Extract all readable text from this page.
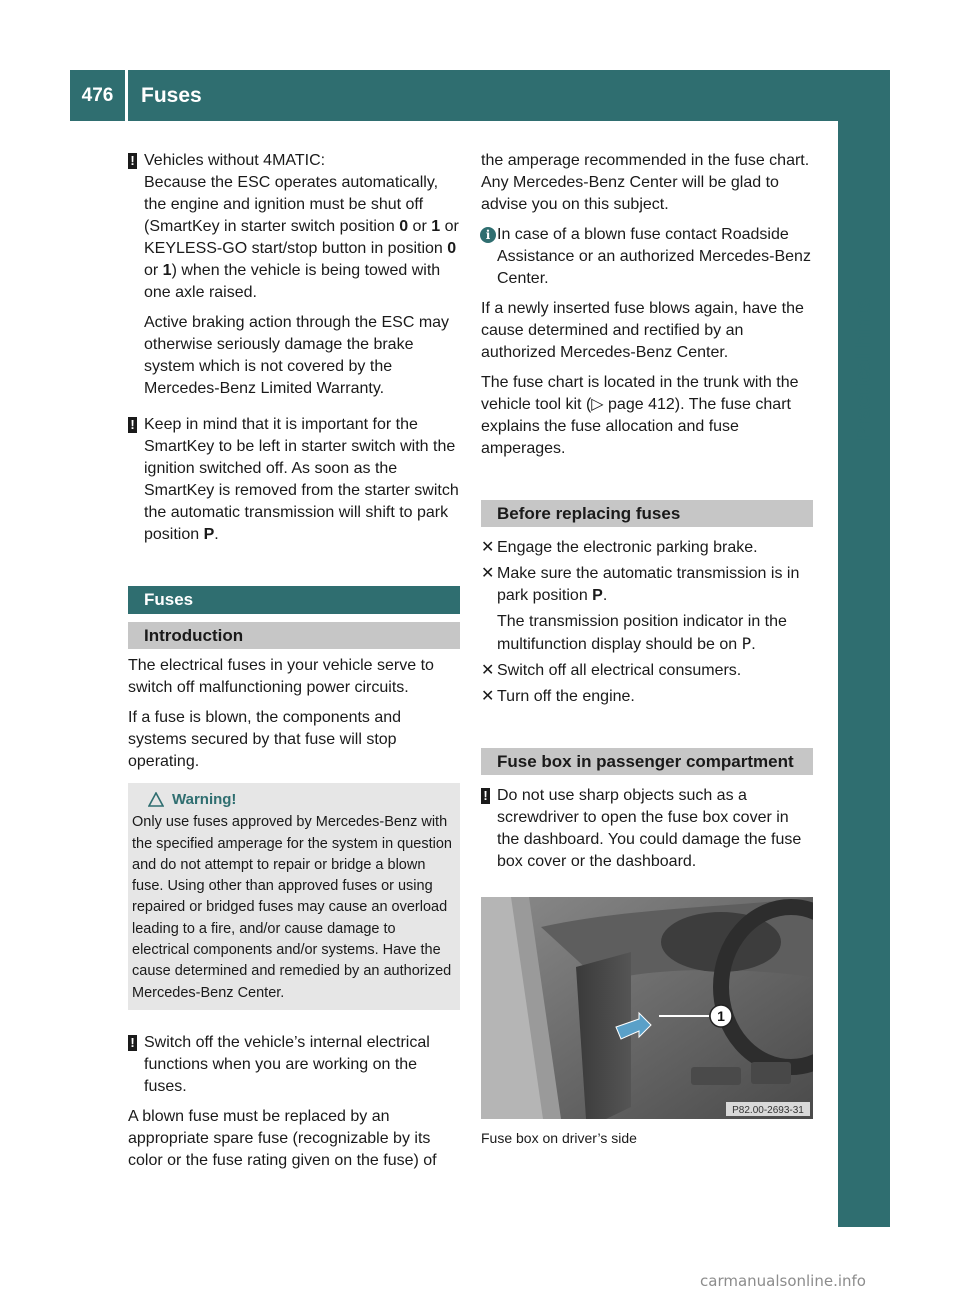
476	Fuses
Practical hints
! Vehicles without 4MATIC:

Because the ESC operates automatically, the engine and ignition must be shut off (SmartKey in starter switch position 0 or 1 or KEYLESS-GO start/stop button in position 0 or 1) when the vehicle is being towed with one axle raised.

Active braking action through the ESC may otherwise seriously damage the brake system which is not covered by the Mercedes-Benz Limited Warranty.

! Keep in mind that it is important for the SmartKey to be left in starter switch with the ignition switched off. As soon as the SmartKey is removed from the starter switch the automatic transmission will shift to park position P.

Fuses
Introduction

The electrical fuses in your vehicle serve to switch off malfunctioning power circuits.

If a fuse is blown, the components and systems secured by that fuse will stop operating.

Warning!
Only use fuses approved by Mercedes-Benz with the specified amperage for the system in question and do not attempt to repair or bridge a blown fuse. Using other than approved fuses or using repaired or bridged fuses may cause an overload leading to a fire, and/or cause damage to electrical components and/or systems. Have the cause determined and remedied by an authorized Mercedes-Benz Center.
! Switch off the vehicle’s internal electrical functions when you are working on the fuses.

A blown fuse must be replaced by an appropriate spare fuse (recognizable by its color or the fuse rating given on the fuse) of

the amperage recommended in the fuse chart. Any Mercedes-Benz Center will be glad to advise you on this subject.

i In case of a blown fuse contact Roadside Assistance or an authorized Mercedes-Benz Center.

If a newly inserted fuse blows again, have the cause determined and rectified by an authorized Mercedes-Benz Center.

The fuse chart is located in the trunk with the vehicle tool kit (▷ page 412). The fuse chart explains the fuse allocation and fuse amperages.

Before replacing fuses
✕ Engage the electronic parking brake.
✕ Make sure the automatic transmission is in park position P.
The transmission position indicator in the multifunction display should be on P.
✕ Switch off all electrical consumers.
✕ Turn off the engine.
Fuse box in passenger compartment
! Do not use sharp objects such as a screwdriver to open the fuse box cover in the dashboard. You could damage the fuse box cover or the dashboard.

1
P82.00-2693-31
Fuse box on driver’s side
carmanualsonline.info
